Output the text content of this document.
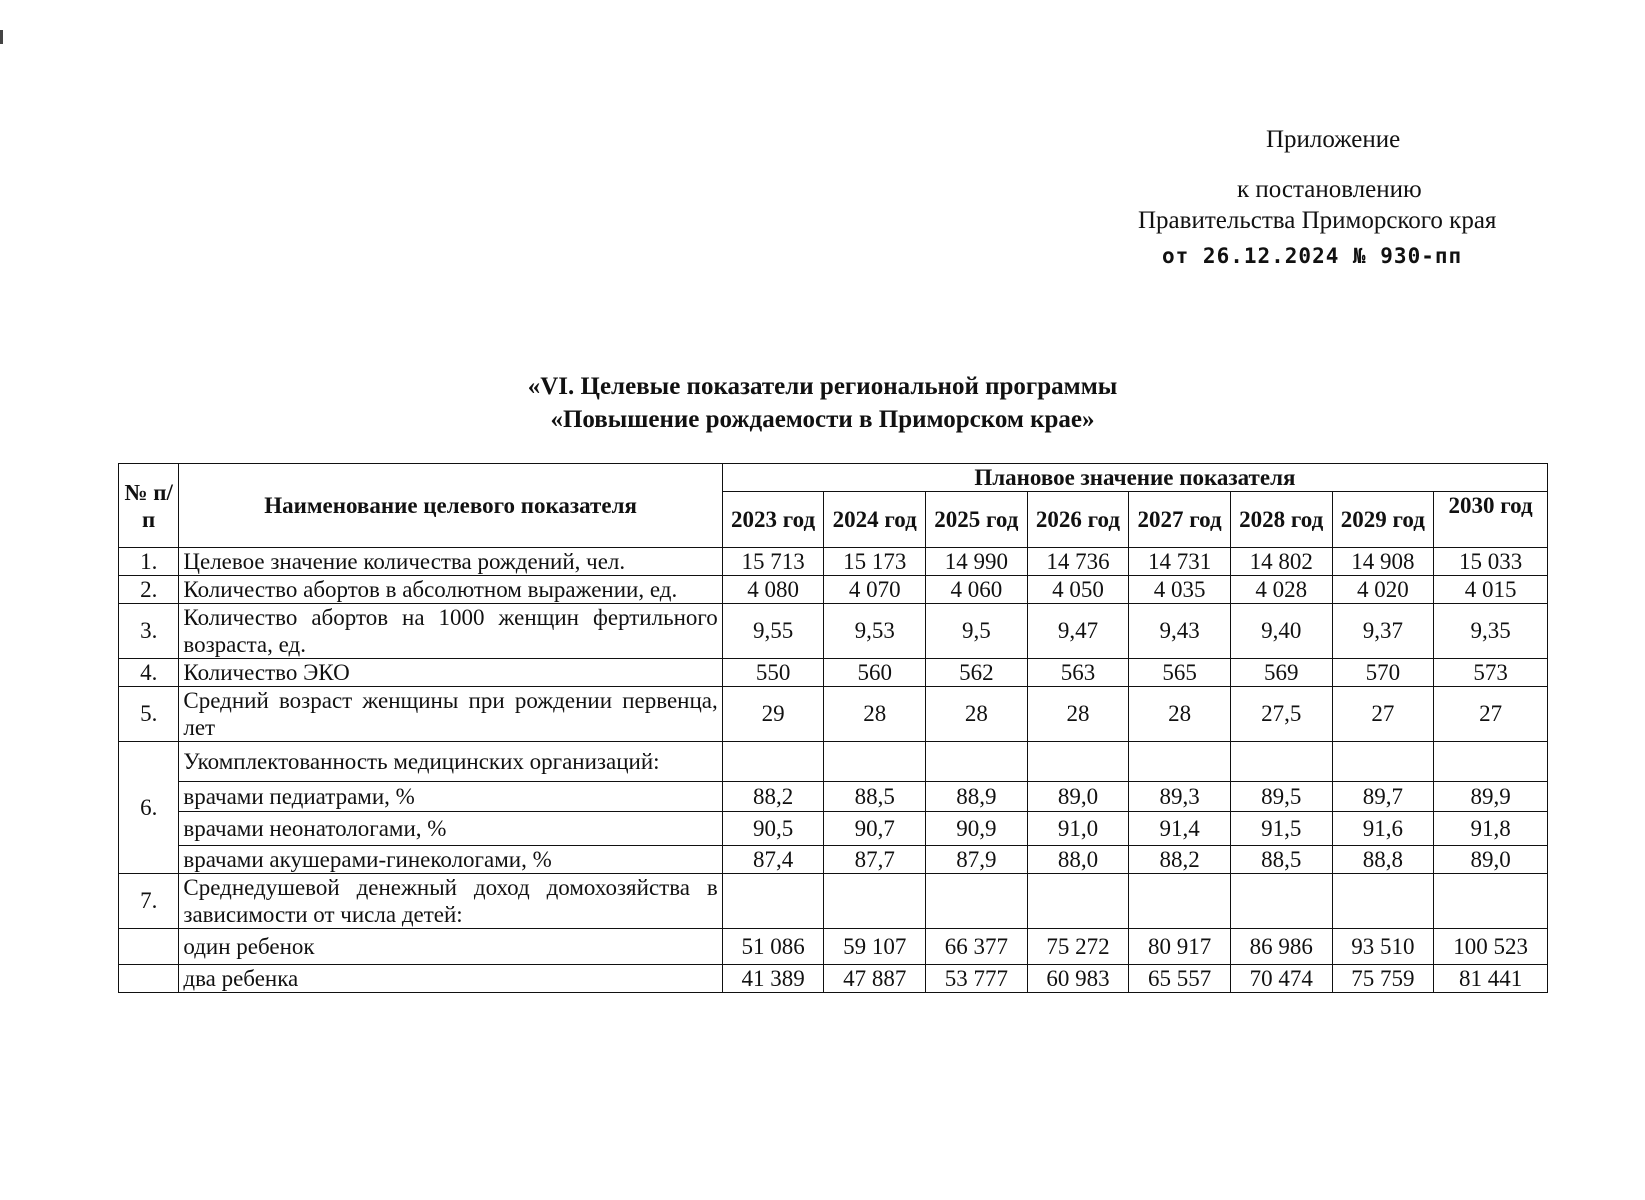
Приложение
к постановлению
Правительства Приморского края
от 26.12.2024 № 930-пп
«VI. Целевые показатели региональной программы
«Повышение рождаемости в Приморском крае»
№ п/п	Наименование целевого показателя	Плановое значение показателя							
		2023 год	2024 год	2025 год	2026 год	2027 год	2028 год	2029 год	2030 год
1.	Целевое значение количества рождений, чел.	15 713	15 173	14 990	14 736	14 731	14 802	14 908	15 033
2.	Количество абортов в абсолютном выражении, ед.	4 080	4 070	4 060	4 050	4 035	4 028	4 020	4 015
3.	Количество абортов на 1000 женщин фертильного возраста, ед.	9,55	9,53	9,5	9,47	9,43	9,40	9,37	9,35
4.	Количество ЭКО	550	560	562	563	565	569	570	573
5.	Средний возраст женщины при рождении первенца, лет	29	28	28	28	28	27,5	27	27
6.	Укомплектованность медицинских организаций:								
	врачами педиатрами, %	88,2	88,5	88,9	89,0	89,3	89,5	89,7	89,9
	врачами неонатологами, %	90,5	90,7	90,9	91,0	91,4	91,5	91,6	91,8
	врачами акушерами-гинекологами, %	87,4	87,7	87,9	88,0	88,2	88,5	88,8	89,0
7.	Среднедушевой денежный доход домохозяйства в зависимости от числа детей:								
	один ребенок	51 086	59 107	66 377	75 272	80 917	86 986	93 510	100 523
	два ребенка	41 389	47 887	53 777	60 983	65 557	70 474	75 759	81 441
